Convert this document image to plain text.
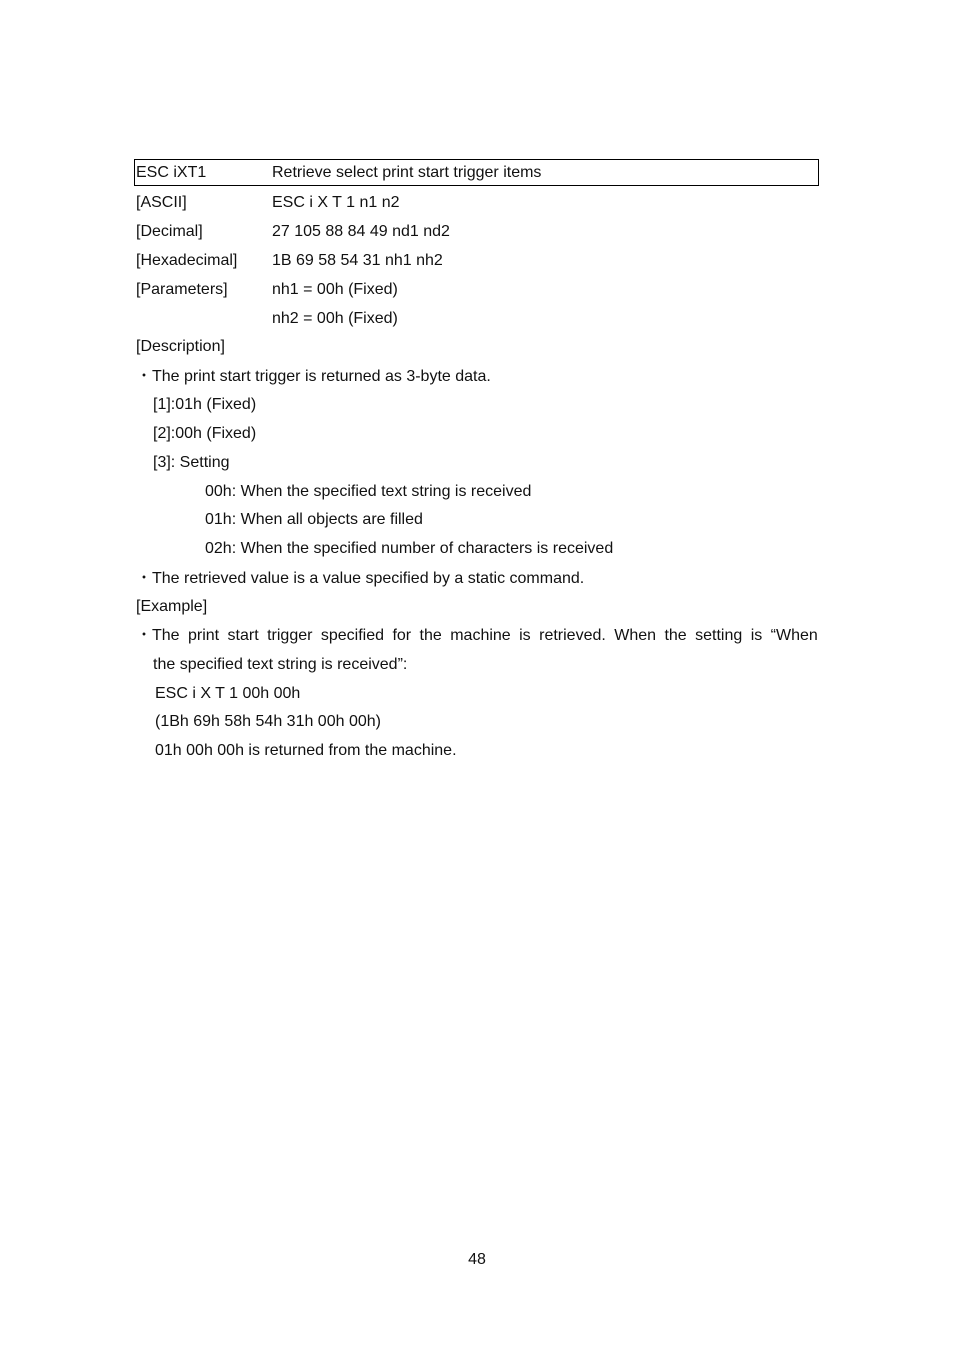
ESC iXT1	Retrieve select print start trigger items
[ASCII]	ESC i X T 1 n1 n2
[Decimal]	27 105 88 84 49 nd1 nd2
[Hexadecimal] 1B 69 58 54 31 nh1 nh2
[Parameters]	nh1 = 00h (Fixed)
nh2 = 00h (Fixed)
[Description]
・The print start trigger is returned as 3-byte data.
[1]:01h (Fixed)
[2]:00h (Fixed)
[3]: Setting
00h: When the specified text string is received
01h: When all objects are filled
02h: When the specified number of characters is received
・The retrieved value is a value specified by a static command.
[Example]
・The print start trigger specified for the machine is retrieved. When the setting is “When
the specified text string is received”:
ESC i X T 1 00h 00h
(1Bh 69h 58h 54h 31h 00h 00h)
01h 00h 00h is returned from the machine.
48
